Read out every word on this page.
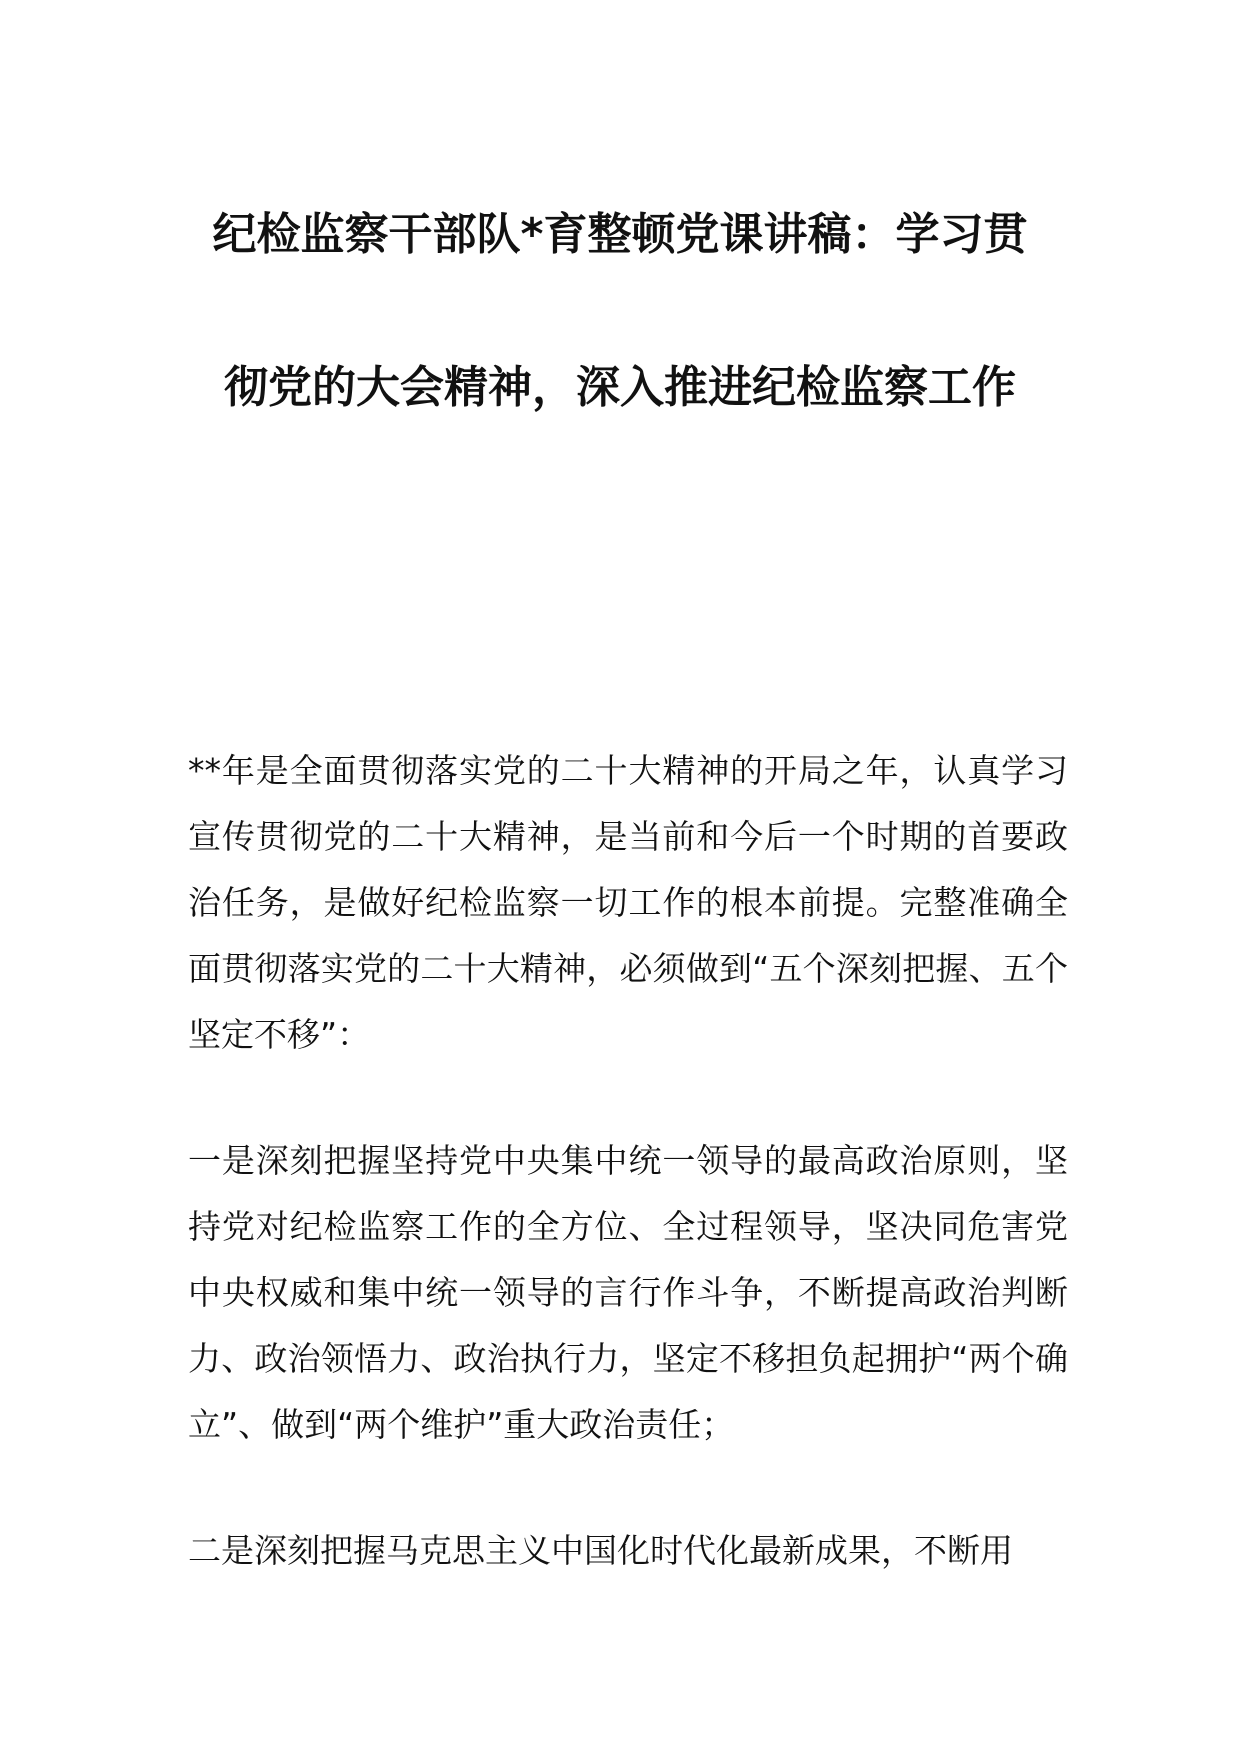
纪检监察干部队*育整顿党课讲稿：学习贯
彻党的大会精神，深入推进纪检监察工作

**年是全面贯彻落实党的二十大精神的开局之年，认真学习宣传贯彻党的二十大精神，是当前和今后一个时期的首要政治任务，是做好纪检监察一切工作的根本前提。完整准确全面贯彻落实党的二十大精神，必须做到“五个深刻把握、五个坚定不移”：

一是深刻把握坚持党中央集中统一领导的最高政治原则，坚持党对纪检监察工作的全方位、全过程领导，坚决同危害党中央权威和集中统一领导的言行作斗争，不断提高政治判断力、政治领悟力、政治执行力，坚定不移担负起拥护“两个确立”、做到“两个维护”重大政治责任；

二是深刻把握马克思主义中国化时代化最新成果，不断用
